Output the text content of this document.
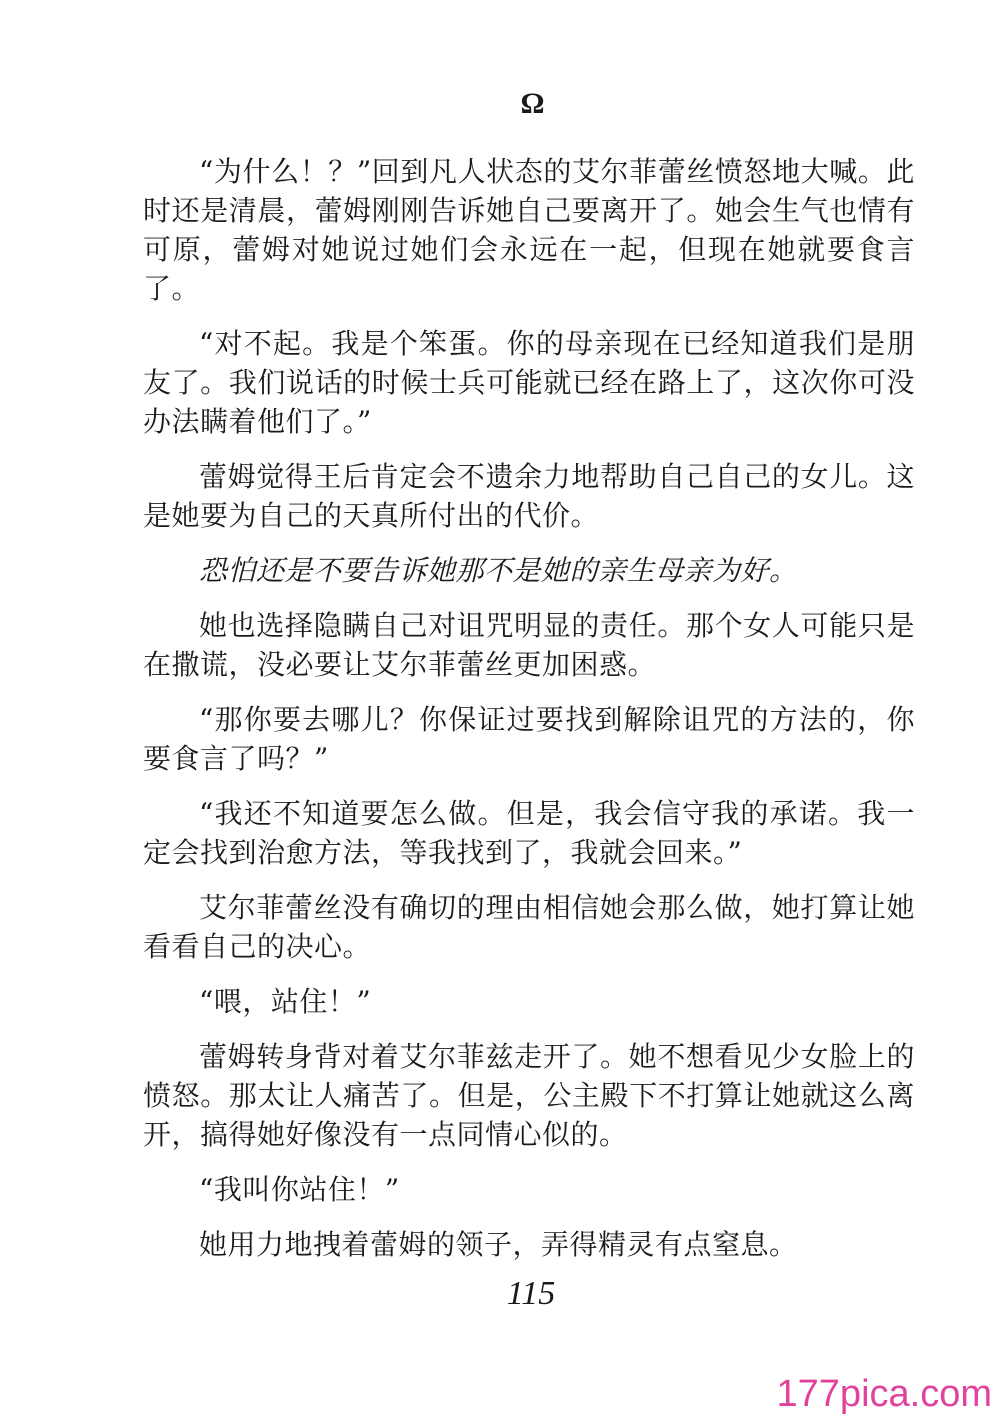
Ω

“为什么！？”回到凡人状态的艾尔菲蕾丝愤怒地大喊。此时还是清晨，蕾姆刚刚告诉她自己要离开了。她会生气也情有可原，蕾姆对她说过她们会永远在一起，但现在她就要食言了。

“对不起。我是个笨蛋。你的母亲现在已经知道我们是朋友了。我们说话的时候士兵可能就已经在路上了，这次你可没办法瞒着他们了。”

蕾姆觉得王后肯定会不遗余力地帮助自己自己的女儿。这是她要为自己的天真所付出的代价。

恐怕还是不要告诉她那不是她的亲生母亲为好。

她也选择隐瞒自己对诅咒明显的责任。那个女人可能只是在撒谎，没必要让艾尔菲蕾丝更加困惑。

“那你要去哪儿？你保证过要找到解除诅咒的方法的，你要食言了吗？”

“我还不知道要怎么做。但是，我会信守我的承诺。我一定会找到治愈方法，等我找到了，我就会回来。”

艾尔菲蕾丝没有确切的理由相信她会那么做，她打算让她看看自己的决心。

“喂，站住！”

蕾姆转身背对着艾尔菲兹走开了。她不想看见少女脸上的愤怒。那太让人痛苦了。但是，公主殿下不打算让她就这么离开，搞得她好像没有一点同情心似的。

“我叫你站住！”

她用力地拽着蕾姆的领子，弄得精灵有点窒息。

115
177pica.com
